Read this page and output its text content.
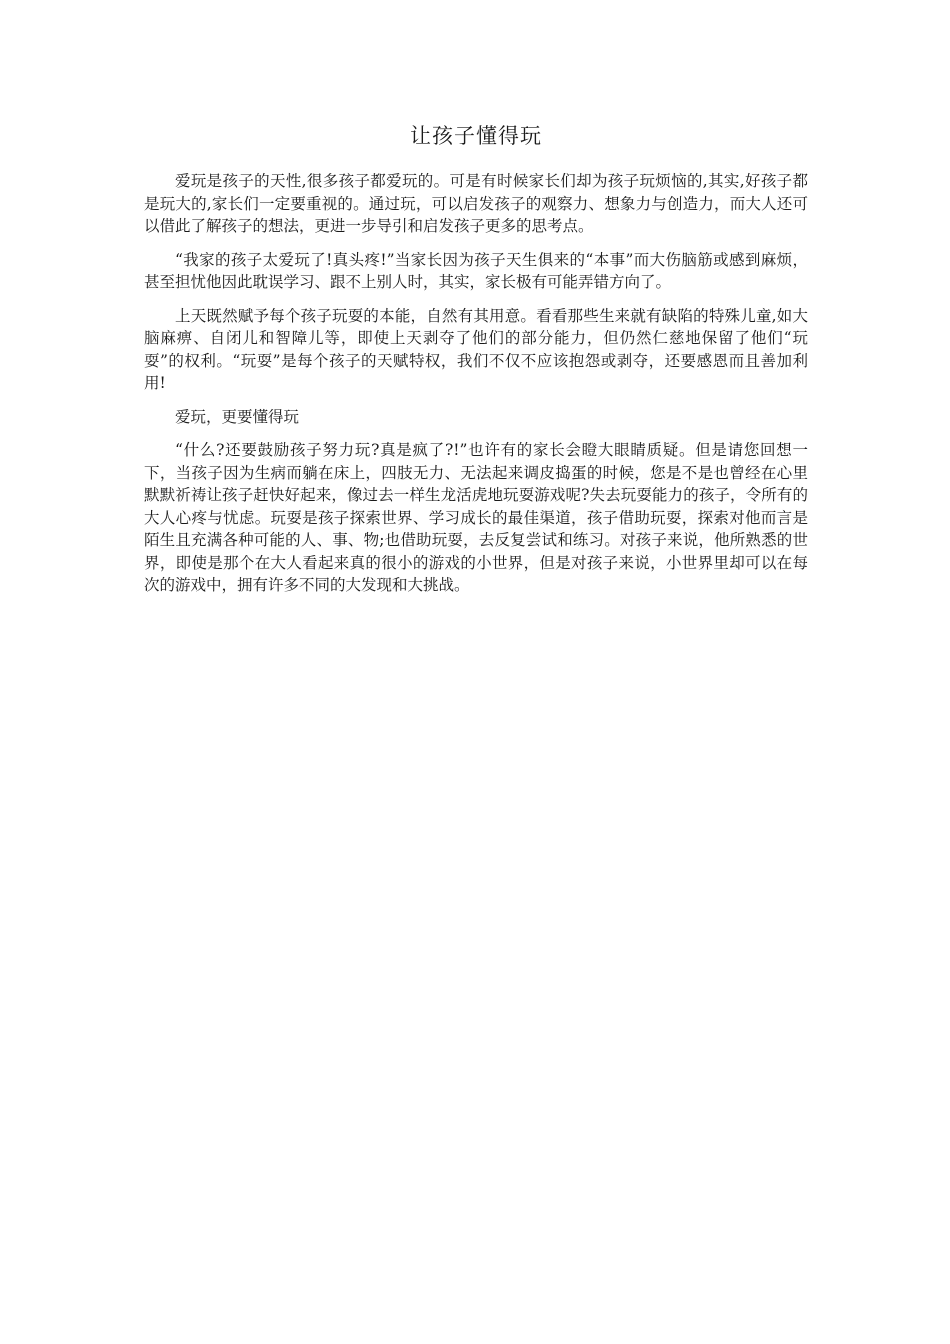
让孩子懂得玩

爱玩是孩子的天性,很多孩子都爱玩的。可是有时候家长们却为孩子玩烦恼的,其实,好孩子都是玩大的,家长们一定要重视的。通过玩，可以启发孩子的观察力、想象力与创造力，而大人还可以借此了解孩子的想法，更进一步导引和启发孩子更多的思考点。

“我家的孩子太爱玩了!真头疼!”当家长因为孩子天生俱来的“本事”而大伤脑筋或感到麻烦，甚至担忧他因此耽误学习、跟不上别人时，其实，家长极有可能弄错方向了。

上天既然赋予每个孩子玩耍的本能，自然有其用意。看看那些生来就有缺陷的特殊儿童,如大脑麻痹、自闭儿和智障儿等，即使上天剥夺了他们的部分能力，但仍然仁慈地保留了他们“玩耍”的权利。“玩耍”是每个孩子的天赋特权，我们不仅不应该抱怨或剥夺，还要感恩而且善加利用!

爱玩，更要懂得玩

“什么?还要鼓励孩子努力玩?真是疯了?!”也许有的家长会瞪大眼睛质疑。但是请您回想一下，当孩子因为生病而躺在床上，四肢无力、无法起来调皮捣蛋的时候，您是不是也曾经在心里默默祈祷让孩子赶快好起来，像过去一样生龙活虎地玩耍游戏呢?失去玩耍能力的孩子，令所有的大人心疼与忧虑。玩耍是孩子探索世界、学习成长的最佳渠道，孩子借助玩耍，探索对他而言是陌生且充满各种可能的人、事、物;也借助玩耍，去反复尝试和练习。对孩子来说，他所熟悉的世界，即使是那个在大人看起来真的很小的游戏的小世界，但是对孩子来说，小世界里却可以在每次的游戏中，拥有许多不同的大发现和大挑战。
